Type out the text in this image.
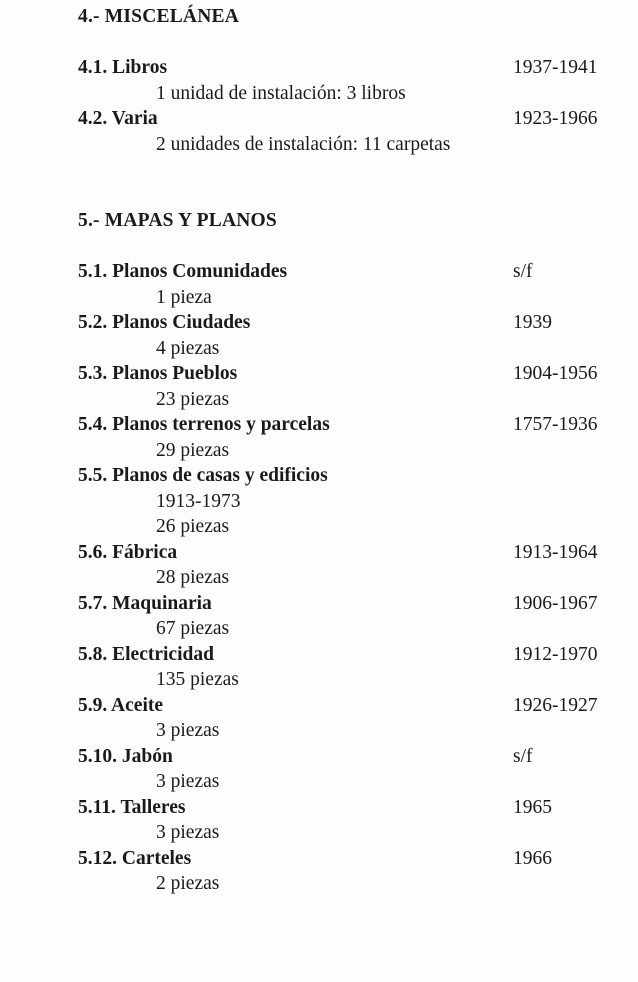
4.- MISCELÁNEA
4.1. Libros	1937-1941
1 unidad de instalación: 3 libros
4.2. Varia	1923-1966
2 unidades de instalación: 11 carpetas
5.- MAPAS Y PLANOS
5.1. Planos Comunidades	s/f
1 pieza
5.2. Planos Ciudades	1939
4 piezas
5.3. Planos Pueblos	1904-1956
23 piezas
5.4. Planos terrenos y parcelas	1757-1936
29 piezas
5.5. Planos de casas y edificios
1913-1973
26 piezas
5.6. Fábrica	1913-1964
28 piezas
5.7. Maquinaria	1906-1967
67 piezas
5.8. Electricidad	1912-1970
135 piezas
5.9. Aceite	1926-1927
3 piezas
5.10. Jabón	s/f
3 piezas
5.11. Talleres	1965
3 piezas
5.12. Carteles	1966
2 piezas
